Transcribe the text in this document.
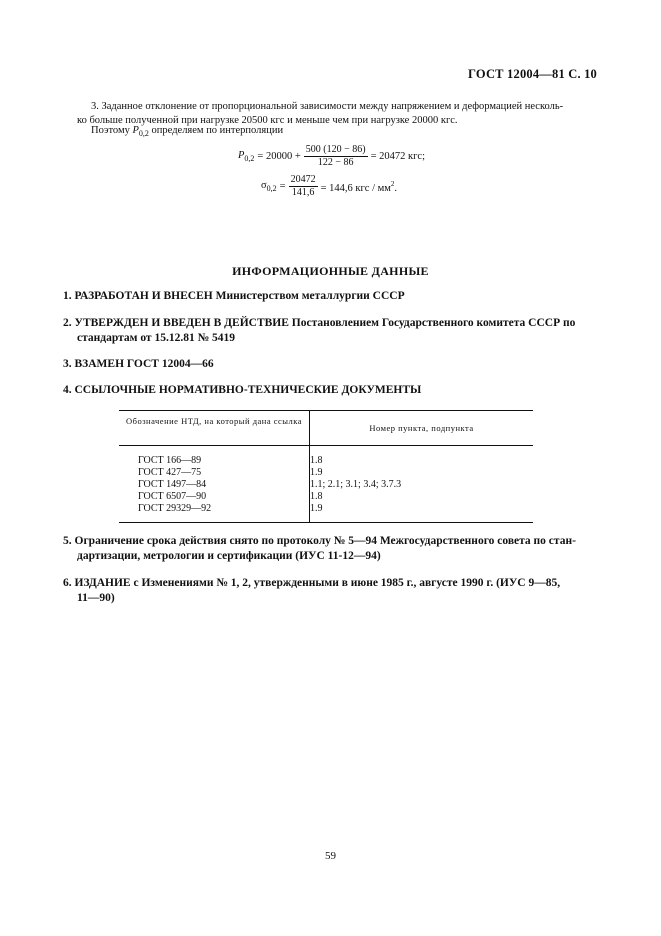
ГОСТ 12004—81 С. 10
3. Заданное отклонение от пропорциональной зависимости между напряжением и деформацией несколь-
ко больше полученной при нагрузке 20500 кгс и меньше чем при нагрузке 20000 кгс.
Поэтому $P_{0,2}$ определяем по интерполяции
$P_{0,2} = 20000 + \frac{500 (120 - 86)}{122 - 86} = 20472$ кгс;
$\sigma_{0,2} = \frac{20472}{141,6} = 144,6$ кгс / $мм^2$.
ИНФОРМАЦИОННЫЕ ДАННЫЕ
1. РАЗРАБОТАН И ВНЕСЕН Министерством металлургии СССР
2. УТВЕРЖДЕН И ВВЕДЕН В ДЕЙСТВИЕ Постановлением Государственного комитета СССР по
стандартам от 15.12.81 № 5419
3. ВЗАМЕН ГОСТ 12004—66
4. ССЫЛОЧНЫЕ НОРМАТИВНО-ТЕХНИЧЕСКИЕ ДОКУМЕНТЫ
Обозначение НТД, на который дана ссылка
Номер пункта, подпункта
ГОСТ 166—89
ГОСТ 427—75
ГОСТ 1497—84
ГОСТ 6507—90
ГОСТ 29329—92
1.8
1.9
1.1; 2.1; 3.1; 3.4; 3.7.3
1.8
1.9
5. Ограничение срока действия снято по протоколу № 5—94 Межгосударственного совета по стан-
дартизации, метрологии и сертификации (ИУС 11-12—94)
6. ИЗДАНИЕ с Изменениями № 1, 2, утвержденными в июне 1985 г., августе 1990 г. (ИУС 9—85,
11—90)
59
